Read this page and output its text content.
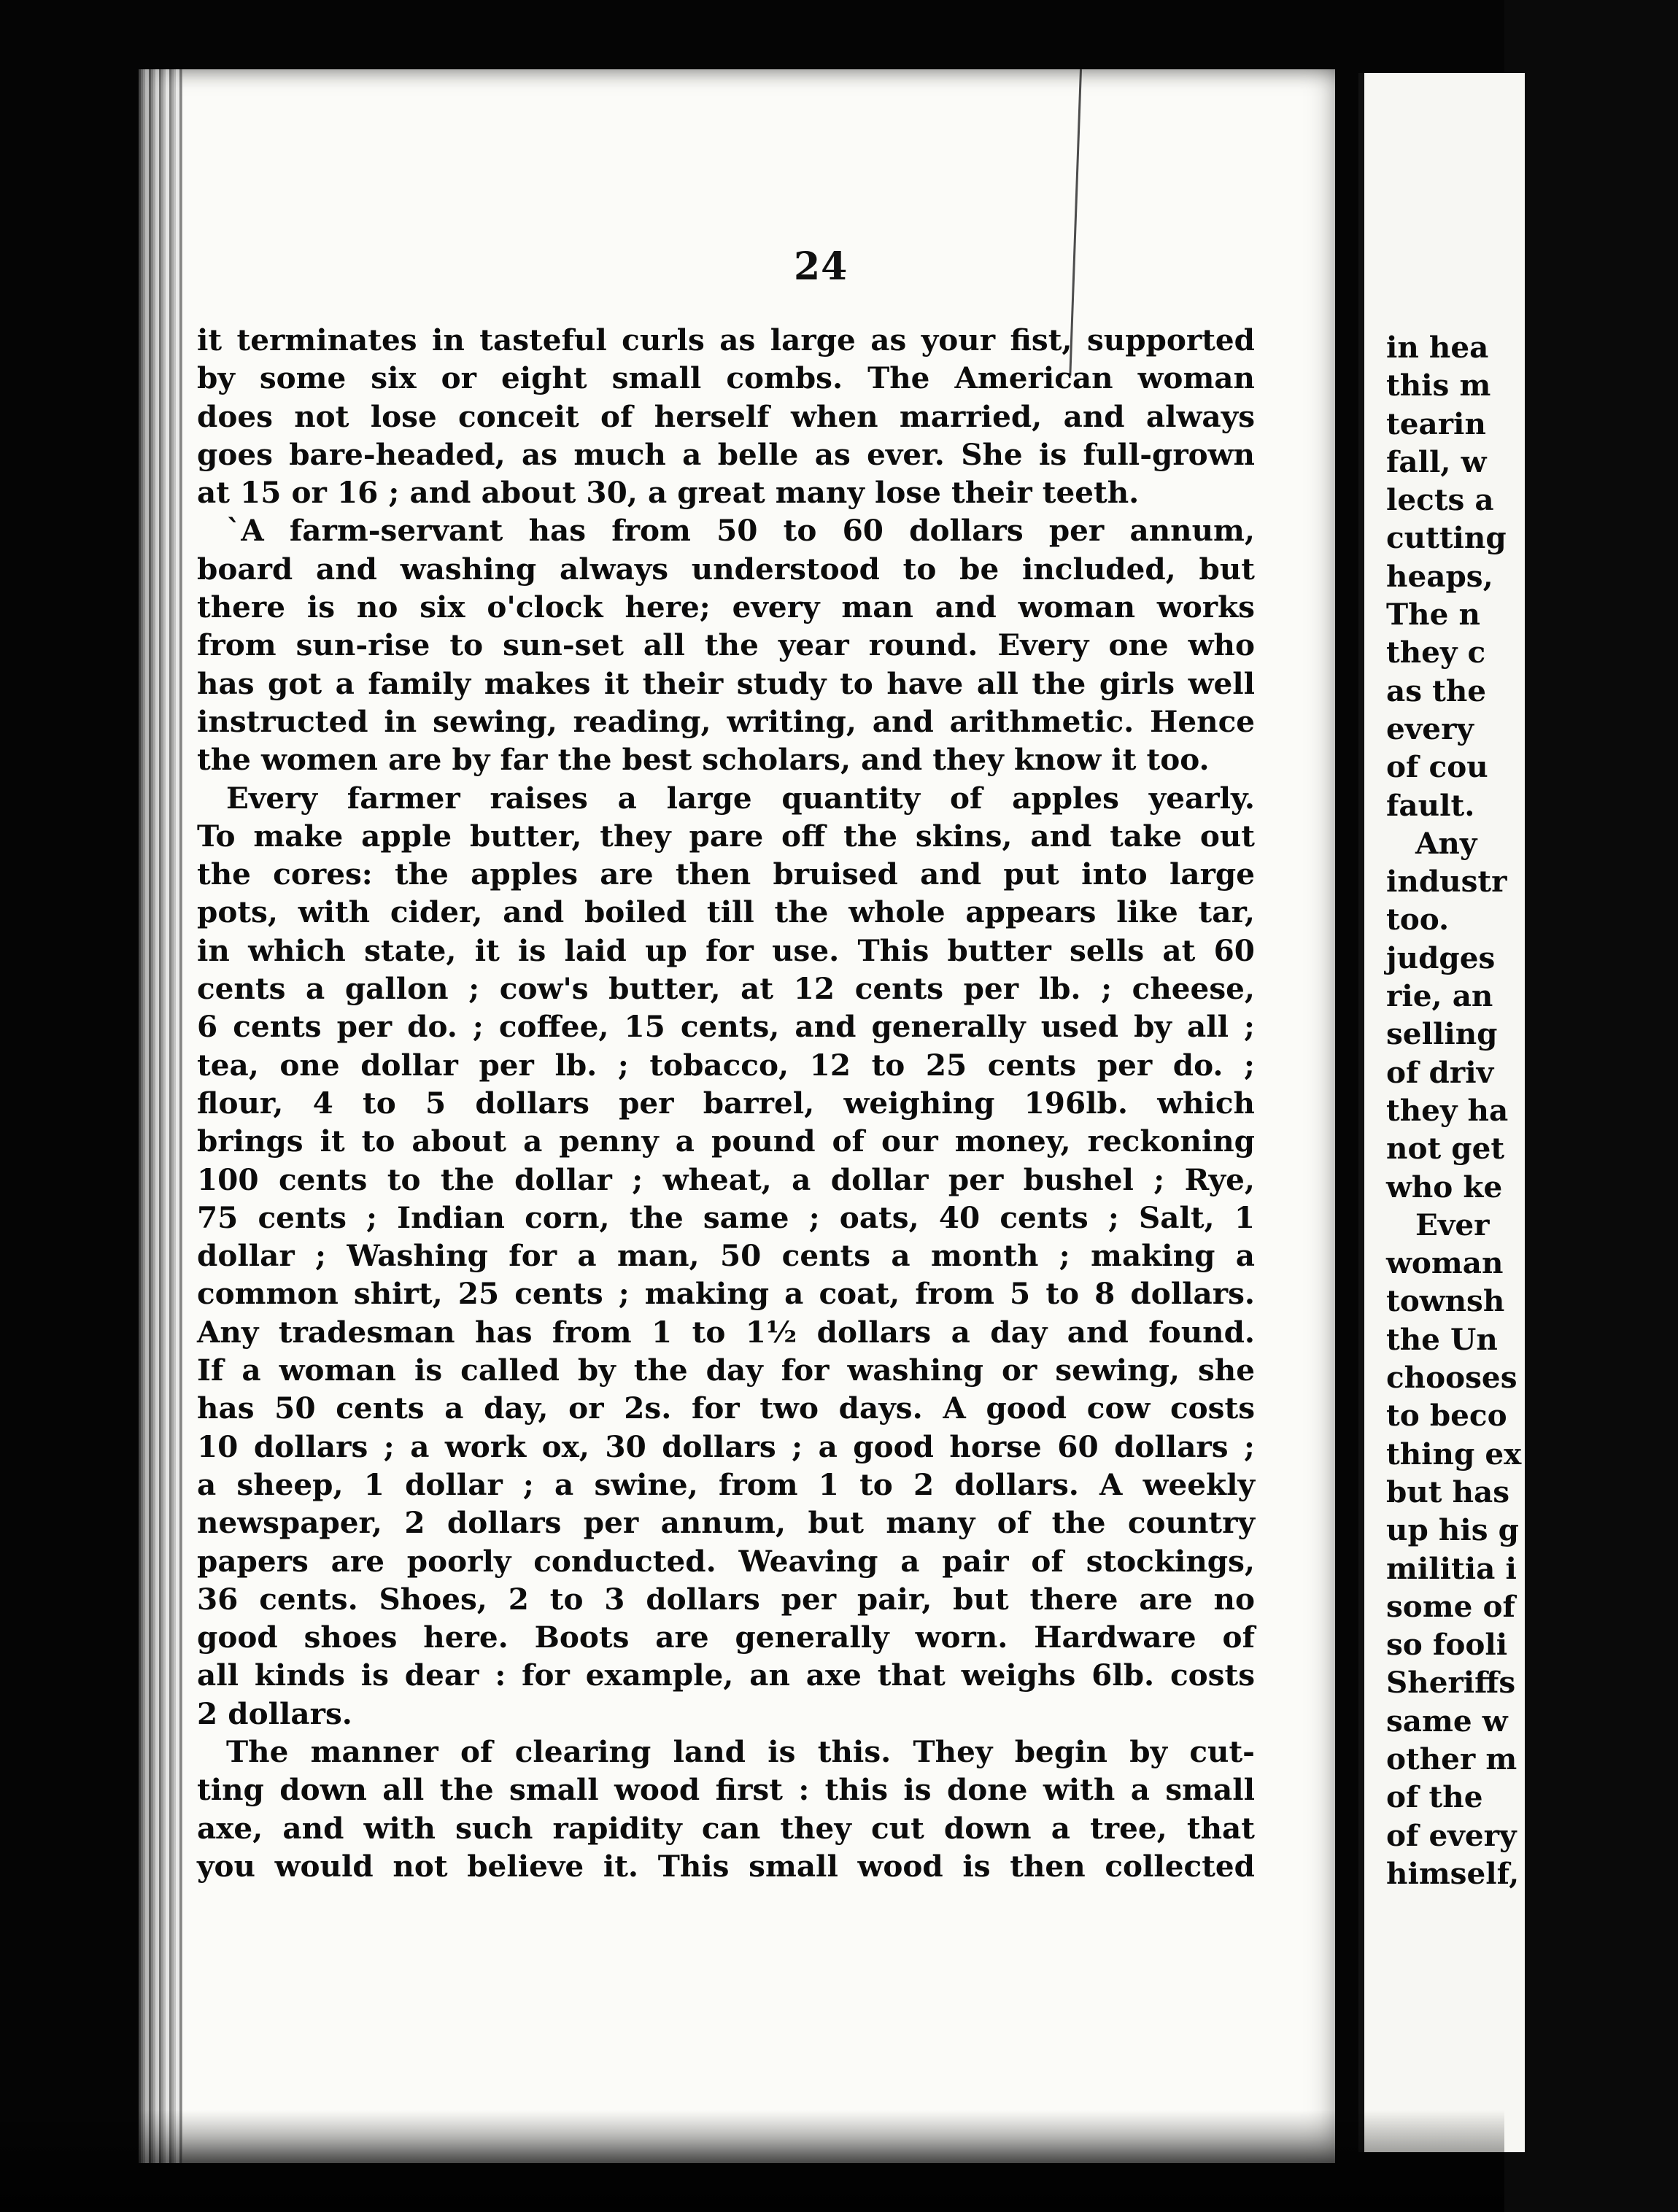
24
it terminates in tasteful curls as large as your fist, supported
by some six or eight small combs. The American woman
does not lose conceit of herself when married, and always
goes bare-headed, as much a belle as ever. She is full-grown
at 15 or 16 ; and about 30, a great many lose their teeth.
`A farm-servant has from 50 to 60 dollars per annum,
board and washing always understood to be included, but
there is no six o'clock here; every man and woman works
from sun-rise to sun-set all the year round. Every one who
has got a family makes it their study to have all the girls well
instructed in sewing, reading, writing, and arithmetic. Hence
the women are by far the best scholars, and they know it too.
Every farmer raises a large quantity of apples yearly.
To make apple butter, they pare off the skins, and take out
the cores: the apples are then bruised and put into large
pots, with cider, and boiled till the whole appears like tar,
in which state, it is laid up for use. This butter sells at 60
cents a gallon ; cow's butter, at 12 cents per lb. ; cheese,
6 cents per do. ; coffee, 15 cents, and generally used by all ;
tea, one dollar per lb. ; tobacco, 12 to 25 cents per do. ;
flour, 4 to 5 dollars per barrel, weighing 196lb. which
brings it to about a penny a pound of our money, reckoning
100 cents to the dollar ; wheat, a dollar per bushel ; Rye,
75 cents ; Indian corn, the same ; oats, 40 cents ; Salt, 1
dollar ; Washing for a man, 50 cents a month ; making a
common shirt, 25 cents ; making a coat, from 5 to 8 dollars.
Any tradesman has from 1 to 1½ dollars a day and found.
If a woman is called by the day for washing or sewing, she
has 50 cents a day, or 2s. for two days. A good cow costs
10 dollars ; a work ox, 30 dollars ; a good horse 60 dollars ;
a sheep, 1 dollar ; a swine, from 1 to 2 dollars. A weekly
newspaper, 2 dollars per annum, but many of the country
papers are poorly conducted. Weaving a pair of stockings,
36 cents. Shoes, 2 to 3 dollars per pair, but there are no
good shoes here. Boots are generally worn. Hardware of
all kinds is dear : for example, an axe that weighs 6lb. costs
2 dollars.
The manner of clearing land is this. They begin by cut-
ting down all the small wood first : this is done with a small
axe, and with such rapidity can they cut down a tree, that
you would not believe it. This small wood is then collected
in hea
this m
tearin
fall, w
lects a
cutting
heaps,
The n
they c
as the
every
of cou
fault.
Any
industr
too.
judges
rie, an
selling
of driv
they ha
not get
who ke
Ever
woman
townsh
the Un
chooses
to beco
thing ex
but has
up his g
militia i
some of
so fooli
Sheriffs
same w
other m
of the
of every
himself,
